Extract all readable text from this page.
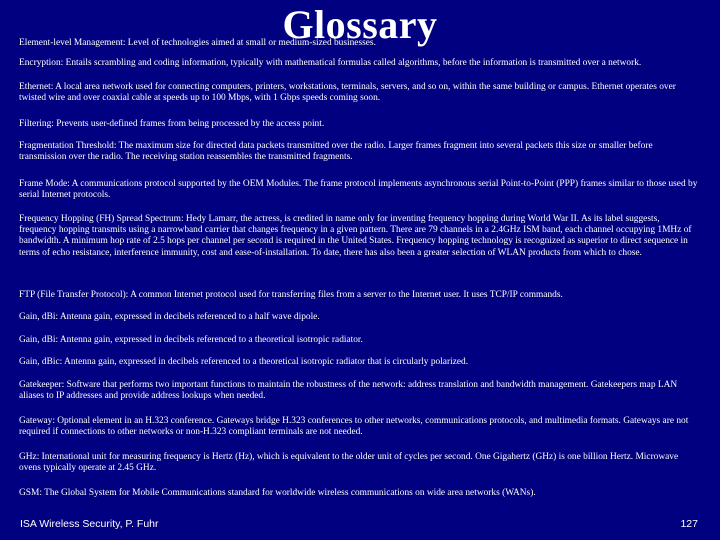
Glossary

Element-level Management: Level of technologies aimed at small or medium-sized businesses.

Encryption: Entails scrambling and coding information, typically with mathematical formulas called algorithms, before the information is transmitted over a network.

Ethernet: A local area network used for connecting computers, printers, workstations, terminals, servers, and so on, within the same building or campus. Ethernet operates over twisted wire and over coaxial cable at speeds up to 100 Mbps, with 1 Gbps speeds coming soon.

Filtering: Prevents user-defined frames from being processed by the access point.

Fragmentation Threshold: The maximum size for directed data packets transmitted over the radio. Larger frames fragment into several packets this size or smaller before transmission over the radio. The receiving station reassembles the transmitted fragments.

Frame Mode: A communications protocol supported by the OEM Modules. The frame protocol implements asynchronous serial Point-to-Point (PPP) frames similar to those used by serial Internet protocols.

Frequency Hopping (FH) Spread Spectrum: Hedy Lamarr, the actress, is credited in name only for inventing frequency hopping during World War II. As its label suggests, frequency hopping transmits using a narrowband carrier that changes frequency in a given pattern. There are 79 channels in a 2.4GHz ISM band, each channel occupying 1MHz of bandwidth. A minimum hop rate of 2.5 hops per channel per second is required in the United States. Frequency hopping technology is recognized as superior to direct sequence in terms of echo resistance, interference immunity, cost and ease-of-installation. To date, there has also been a greater selection of WLAN products from which to chose.

FTP (File Transfer Protocol): A common Internet protocol used for transferring files from a server to the Internet user. It uses TCP/IP commands.

Gain, dBi: Antenna gain, expressed in decibels referenced to a half wave dipole.

Gain, dBi: Antenna gain, expressed in decibels referenced to a theoretical isotropic radiator.

Gain, dBic: Antenna gain, expressed in decibels referenced to a theoretical isotropic radiator that is circularly polarized.

Gatekeeper: Software that performs two important functions to maintain the robustness of the network: address translation and bandwidth management. Gatekeepers map LAN aliases to IP addresses and provide address lookups when needed.

Gateway: Optional element in an H.323 conference. Gateways bridge H.323 conferences to other networks, communications protocols, and multimedia formats. Gateways are not required if connections to other networks or non-H.323 compliant terminals are not needed.

GHz: International unit for measuring frequency is Hertz (Hz), which is equivalent to the older unit of cycles per second. One Gigahertz (GHz) is one billion Hertz. Microwave ovens typically operate at 2.45 GHz.

GSM: The Global System for Mobile Communications standard for worldwide wireless communications on wide area networks (WANs).

ISA Wireless Security, P. Fuhr	127
